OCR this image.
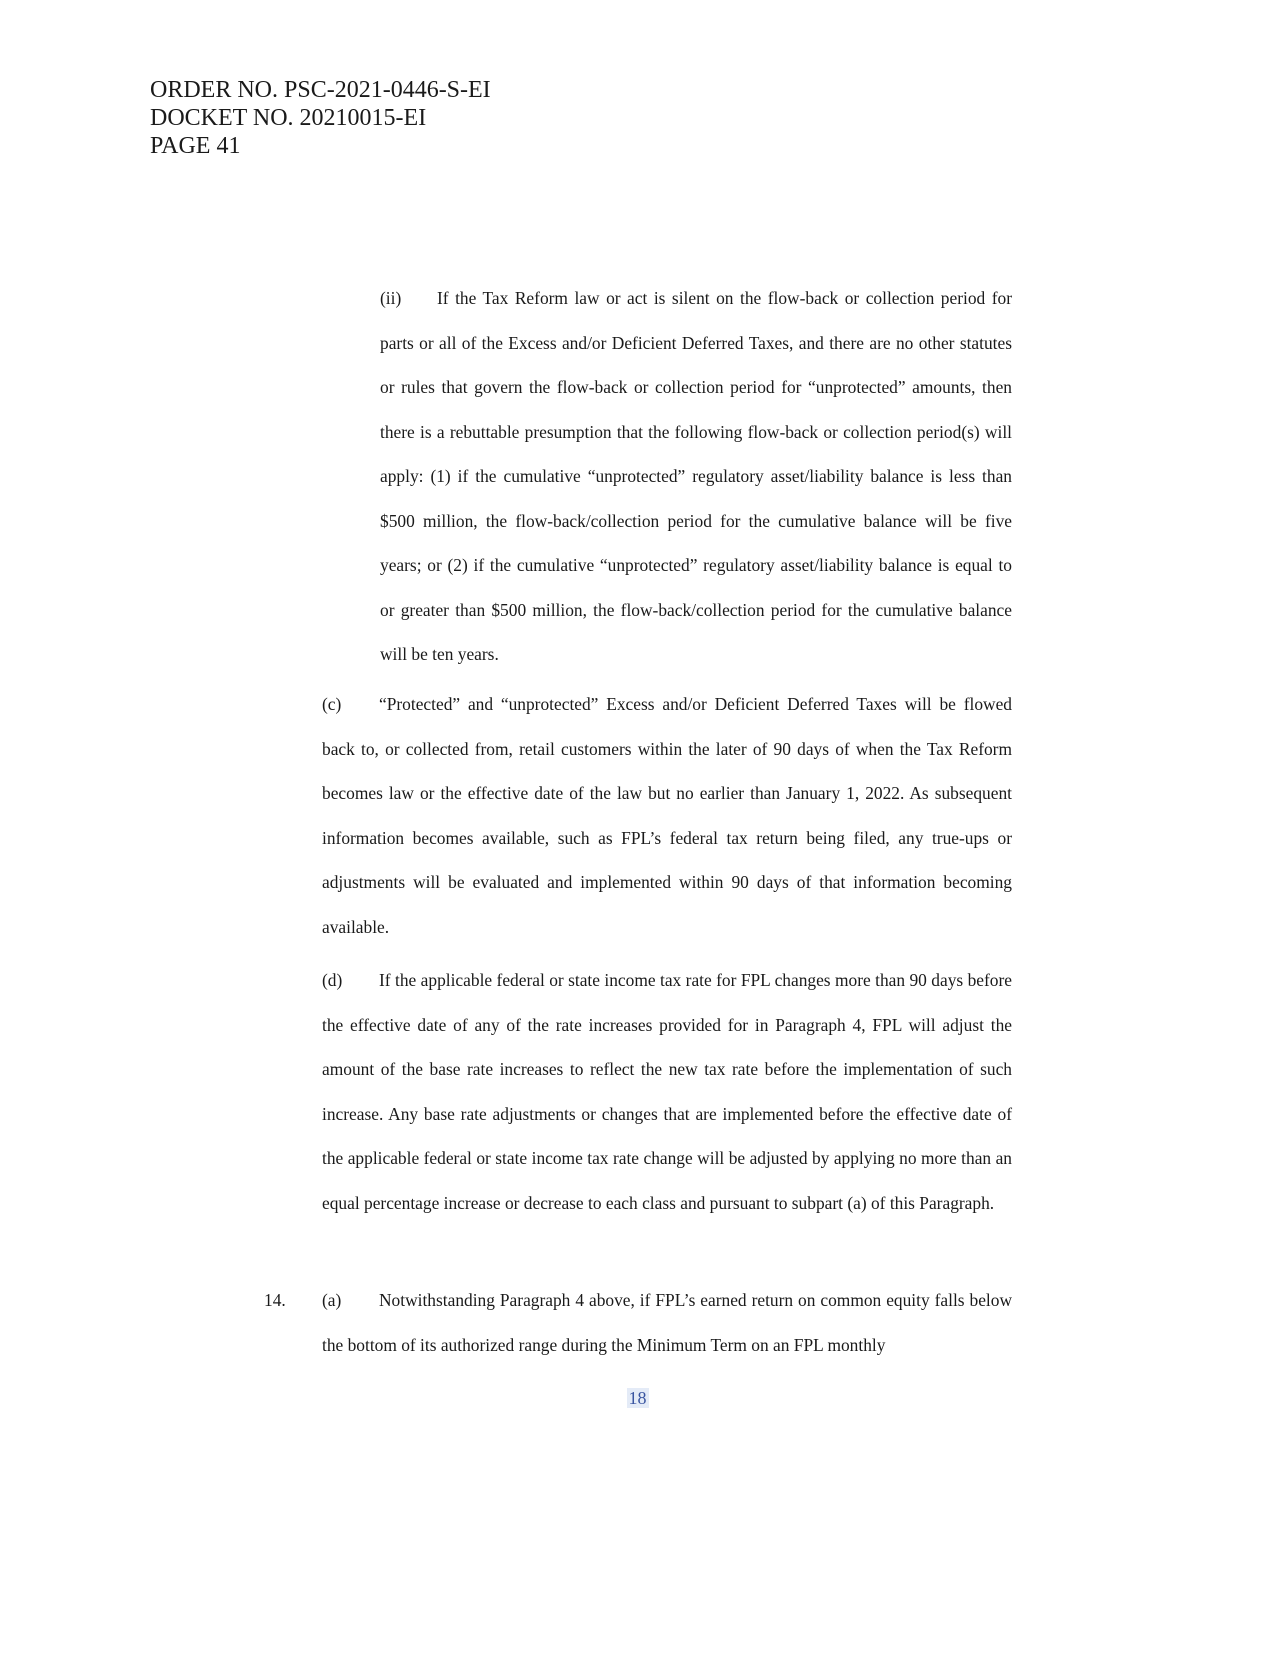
ORDER NO. PSC-2021-0446-S-EI
DOCKET NO. 20210015-EI
PAGE 41
(ii) If the Tax Reform law or act is silent on the flow-back or collection period for parts or all of the Excess and/or Deficient Deferred Taxes, and there are no other statutes or rules that govern the flow-back or collection period for “unprotected” amounts, then there is a rebuttable presumption that the following flow-back or collection period(s) will apply: (1) if the cumulative “unprotected” regulatory asset/liability balance is less than $500 million, the flow-back/collection period for the cumulative balance will be five years; or (2) if the cumulative “unprotected” regulatory asset/liability balance is equal to or greater than $500 million, the flow-back/collection period for the cumulative balance will be ten years.
(c) “Protected” and “unprotected” Excess and/or Deficient Deferred Taxes will be flowed back to, or collected from, retail customers within the later of 90 days of when the Tax Reform becomes law or the effective date of the law but no earlier than January 1, 2022. As subsequent information becomes available, such as FPL’s federal tax return being filed, any true-ups or adjustments will be evaluated and implemented within 90 days of that information becoming available.
(d) If the applicable federal or state income tax rate for FPL changes more than 90 days before the effective date of any of the rate increases provided for in Paragraph 4, FPL will adjust the amount of the base rate increases to reflect the new tax rate before the implementation of such increase. Any base rate adjustments or changes that are implemented before the effective date of the applicable federal or state income tax rate change will be adjusted by applying no more than an equal percentage increase or decrease to each class and pursuant to subpart (a) of this Paragraph.
14. (a) Notwithstanding Paragraph 4 above, if FPL’s earned return on common equity falls below the bottom of its authorized range during the Minimum Term on an FPL monthly
18
